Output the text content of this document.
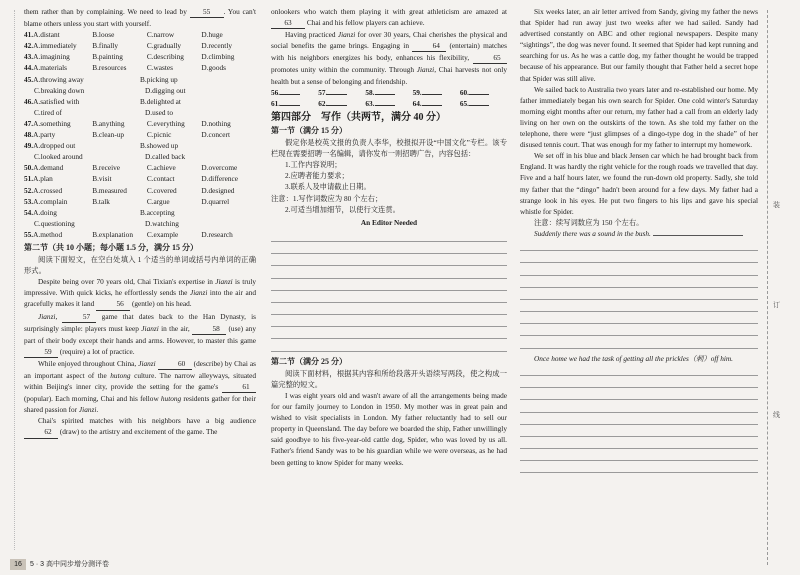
them rather than by complaining. We need to lead by 55 . You can't blame others unless you start with yourself.

41.A.distant	B.loose	C.narrow	D.huge
42.A.immediately	B.finally	C.gradually	D.recently
43.A.imagining	B.painting	C.describing	D.climbing
44.A.materials	B.resources	C.wastes	D.goods
45.A.throwing away	B.picking up
C.breaking down	D.digging out
46.A.satisfied with	B.delighted at
C.tired of	D.used to
47.A.something	B.anything	C.everything	D.nothing
48.A.party	B.clean-up	C.picnic	D.concert
49.A.dropped out	B.showed up
C.looked around	D.called back
50.A.demand	B.receive	C.achieve	D.overcome
51.A.plan	B.visit	C.contact	D.difference
52.A.crossed	B.measured	C.covered	D.designed
53.A.complain	B.talk	C.argue	D.quarrel
54.A.doing	B.accepting
C.questioning	D.watching
55.A.method	B.explanation	C.example	D.research
第二节（共 10 小题；每小题 1.5 分，满分 15 分）

阅读下面短文，在空白处填入 1 个适当的单词或括号内单词的正确形式。

Despite being over 70 years old, Chai Tixian's expertise in Jianzi is truly impressive. With quick kicks, he effortlessly sends the Jianzi into the air and gracefully makes it land	56 (gentle) on his head.

Jianzi,	57 game that dates back to the Han Dynasty, is surprisingly simple: players must keep Jianzi in the air,	58 (use) any part of their body except their hands and arms. However, to master this game 59 (require) a lot of practice.

While enjoyed throughout China, Jianzi	60 (describe) by Chai as an important aspect of the hutong culture. The narrow alleyways, situated within Beijing's inner city, provide the setting for the game's	61 (popular). Each morning, Chai and his fellow hutong residents gather for their shared passion for Jianzi.

Chai's spirited matches with his neighbors have a big audience 62 (draw) to the artistry and excitement of the game. The

onlookers who watch them playing it with great athleticism are amazed at 63 Chai and his fellow players can achieve.

Having practiced Jianzi for over 30 years, Chai cherishes the physical and social benefits the game brings. Engaging in	64 (entertain) matches with his neighbors energizes his body, enhances his flexibility,	65 promotes unity within the community. Through Jianzi, Chai harvests not only health but a sense of belonging and friendship.

56.	57.	58.	59.	60.
61.	62.	63.	64.	65.
第四部分　写作（共两节，满分 40 分）
第一节（满分 15 分）

假定你是校英文报的负责人李华，校报拟开设“中国文化”专栏。该专栏现在需要招聘一名编辑，请你发布一则招聘广告，内容包括：

1.工作内容说明；

2.应聘者能力要求；

3.联系人及申请截止日期。

注意：1.写作词数应为 80 个左右；

2.可适当增加细节，以使行文连贯。

An Editor Needed
第二节（满分 25 分）

阅读下面材料，根据其内容和所给段落开头语续写两段，使之构成一篇完整的短文。

I was eight years old and wasn't aware of all the arrangements being made for our family journey to London in 1950. My mother was in great pain and wished to visit specialists in London. My father reluctantly had to sell our property in Queensland. The day before we boarded the ship, Father unwillingly said goodbye to his five-year-old cattle dog, Spider, who was loved by us all. Father's friend Sandy was to be his guardian while we were overseas, as he had been getting to know Spider for many weeks.

Six weeks later, an air letter arrived from Sandy, giving my father the news that Spider had run away just two weeks after we had sailed. Sandy had advertised constantly on ABC and other regional newspapers. Despite many “sightings”, the dog was never found. It seemed that Spider had kept running and searching for us. As he was a cattle dog, my father thought he would be trapped because of his appearance. But our family thought that Father held a secret hope that Spider was still alive.

We sailed back to Australia two years later and re-established our home. My father immediately began his own search for Spider. One cold winter's Saturday morning eight months after our return, my father had a call from an elderly lady living on her own on the outskirts of the town. As she told my father on the telephone, there were “just glimpses of a dingo-type dog in the shade” of her disused tennis court. That was enough for my father to interrupt my homework.

We set off in his blue and black Jensen car which he had brought back from England. It was hardly the right vehicle for the rough roads we travelled that day. Five and a half hours later, we found the run-down old property. Sadly, she told my father that the “dingo” hadn't been around for a few days. My father had a strange look in his eyes. He put two fingers to his lips and gave his special whistle for Spider.

注意：续写词数应为 150 个左右。

Suddenly there was a sound in the bush.

Once home we had the task of getting all the prickles（刺）off him.

装
订
线
16	5 · 3 高中同步增分测评卷
